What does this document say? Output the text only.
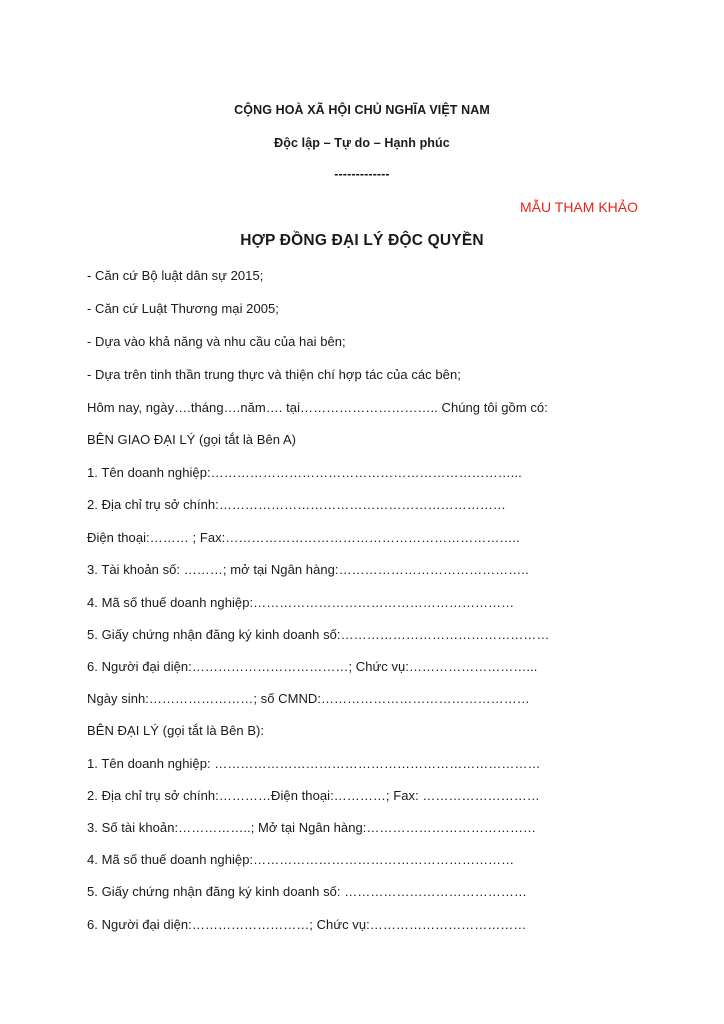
CỘNG HOÀ XÃ HỘI CHỦ NGHĨA VIỆT NAM
Độc lập – Tự do – Hạnh phúc
-------------
MẪU THAM KHẢO
HỢP ĐỒNG ĐẠI LÝ ĐỘC QUYỀN
- Căn cứ Bộ luật dân sự 2015;
- Căn cứ Luật Thương mại 2005;
- Dựa vào khả năng và nhu cầu của hai bên;
- Dựa trên tinh thần trung thực và thiện chí hợp tác của các bên;
Hôm nay, ngày….tháng….năm…. tại………………………….. Chúng tôi gồm có:
BÊN GIAO ĐẠI LÝ (gọi tắt là Bên A)
1. Tên doanh nghiệp:……………………………………………………………...
2. Địa chỉ trụ sở chính:…………………………………………………………
Điện thoại:……… ; Fax:…………………………………………………………..
3. Tài khoản số: ………; mở tại Ngân hàng:……………………………………..
4. Mã số thuế doanh nghiệp:……………………………………………………
5. Giấy chứng nhận đăng ký kinh doanh số:…………………………………………
6. Người đại diện:………………………………; Chức vụ:………………………...
Ngày sinh:……………………; số CMND:…………………………………………
BÊN ĐẠI LÝ (gọi tắt là Bên B):
1. Tên doanh nghiệp: …………………………………………………………………
2. Địa chỉ trụ sở chính:…………Điện thoại:…………; Fax: ………………………
3. Số tài khoản:……………..; Mở tại Ngân hàng:…………………………………
4. Mã số thuế doanh nghiệp:……………………………………………………
5. Giấy chứng nhận đăng ký kinh doanh số: ……………………………………
6. Người đại diện:………………………; Chức vụ:………………………………
